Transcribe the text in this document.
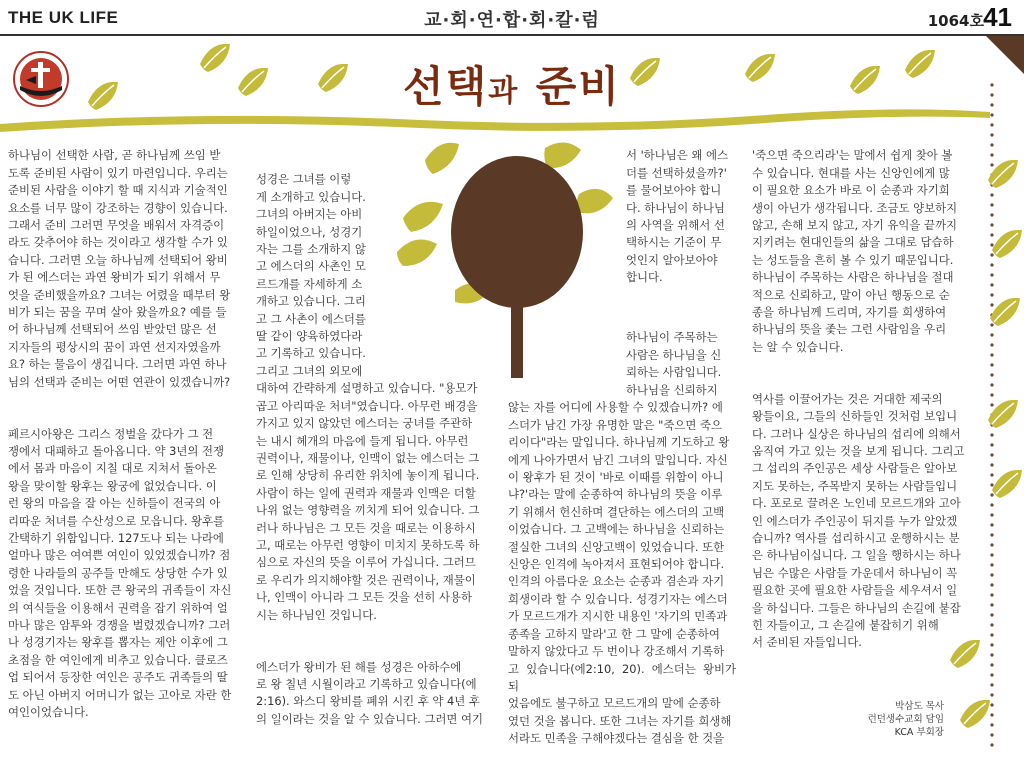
THE UK LIFE	교·회·연·합·회·칼·럼	1064호 41
선택과 준비

하나님이 선택한 사람, 곧 하나님께 쓰임 받
도록 준비된 사람이 있기 마련입니다. 우리는
준비된 사람을 이야기 할 때 지식과 기술적인
요소를 너무 많이 강조하는 경향이 있습니다.
그래서 준비 그러면 무엇을 배워서 자격증이
라도 갖추어야 하는 것이라고 생각할 수가 있
습니다. 그러면 오늘 하나님께 선택되어 왕비
가 된 에스더는 과연 왕비가 되기 위해서 무
엇을 준비했을까요? 그녀는 어렸을 때부터 왕
비가 되는 꿈을 꾸며 살아 왔을까요? 예를 들
어 하나님께 선택되어 쓰임 받았던 많은 선
지자들의 평상시의 꿈이 과연 선지자였을까
요? 하는 물음이 생깁니다. 그러면 과연 하나
님의 선택과 준비는 어떤 연관이 있겠습니까?

페르시아왕은 그리스 정벌을 갔다가 그 전
쟁에서 대패하고 돌아옵니다. 약 3년의 전쟁
에서 몸과 마음이 지칠 대로 지쳐서 돌아온
왕을 맞이할 왕후는 왕궁에 없었습니다. 이
런 왕의 마음을 잘 아는 신하들이 전국의 아
리따운 처녀를 수산성으로 모읍니다. 왕후를
간택하기 위함입니다. 127도나 되는 나라에
얼마나 많은 여여쁜 여인이 있었겠습니까? 점
령한 나라들의 공주들 만해도 상당한 수가 있
었을 것입니다. 또한 큰 왕국의 귀족들이 자신
의 여식들을 이용해서 권력을 잡기 위하여 얼
마나 많은 암투와 경쟁을 벌렸겠습니까? 그러
나 성경기자는 왕후를 뽑자는 제안 이후에 그
초점을 한 여인에게 비추고 있습니다. 클로즈
업 되어서 등장한 여인은 공주도 귀족들의 딸
도 아닌 아버지 어머니가 없는 고아로 자란 한
여인이었습니다.

성경은 그녀를 이렇
게 소개하고 있습니다.
그녀의 아버지는 아비
하일이었으나, 성경기
자는 그를 소개하지 않
고 에스더의 사촌인 모
르드개를 자세하게 소
개하고 있습니다. 그리
고 그 사촌이 에스더를
딸 같이 양육하였다라
고 기록하고 있습니다.
그리고 그녀의 외모에

대하여 간략하게 설명하고 있습니다. "용모가
곱고 아리따운 처녀"였습니다. 아무런 배경을
가지고 있지 않았던 에스더는 궁녀를 주관하
는 내시 헤개의 마음에 들게 됩니다. 아무런
권력이나, 재물이나, 인맥이 없는 에스더는 그
로 인해 상당히 유리한 위치에 놓이게 됩니다.
사람이 하는 일에 권력과 재물과 인맥은 더할
나위 없는 영향력을 끼치게 되어 있습니다. 그
러나 하나님은 그 모든 것을 때로는 이용하시
고, 때로는 아무런 영향이 미치지 못하도록 하
심으로 자신의 뜻을 이루어 가십니다. 그러므
로 우리가 의지해야할 것은 권력이나, 재물이
나, 인맥이 아니라 그 모든 것을 선히 사용하
시는 하나님인 것입니다.

에스더가 왕비가 된 해를 성경은 아하수에
로 왕 칠년 시월이라고 기록하고 있습니다(에
2:16). 와스디 왕비를 폐위 시킨 후 약 4년 후
의 일이라는 것을 알 수 있습니다. 그러면 여기

서 '하나님은 왜 에스
더를 선택하셨을까?'
를 물어보아야 합니
다. 하나님이 하나님
의 사역을 위해서 선
택하시는 기준이 무
엇인지 알아보아야
합니다.

하나님이 주목하는
사람은 하나님을 신
뢰하는 사람입니다.
하나님을 신뢰하지

않는 자를 어디에 사용할 수 있겠습니까? 에
스더가 남긴 가장 유명한 말은 "죽으면 죽으
리이다"라는 말입니다. 하나님께 기도하고 왕
에게 나아가면서 남긴 그녀의 말입니다. 자신
이 왕후가 된 것이 '바로 이때를 위함이 아니
냐?'라는 말에 순종하여 하나님의 뜻을 이루
기 위해서 헌신하며 결단하는 에스더의 고백
이었습니다. 그 고백에는 하나님을 신뢰하는
절실한 그녀의 신앙고백이 있었습니다. 또한
신앙은 인격에 녹아져서 표현되어야 합니다.
인격의 아름다운 요소는 순종과 겸손과 자기
희생이라 할 수 있습니다. 성경기자는 에스더
가 모르드개가 지시한 내용인 '자기의 민족과
종족을 고하지 말라'고 한 그 말에 순종하여
말하지 않았다고 두 번이나 강조해서 기록하
고 있습니다(에2:10, 20). 에스더는 왕비가 되
었음에도 불구하고 모르드개의 말에 순종하
였던 것을 봅니다. 또한 그녀는 자기를 희생해
서라도 민족을 구해야겠다는 결심을 한 것을

'죽으면 죽으리라'는 말에서 쉽게 찾아 볼
수 있습니다. 현대를 사는 신앙인에게 많
이 필요한 요소가 바로 이 순종과 자기희
생이 아닌가 생각됩니다. 조금도 양보하지
않고, 손해 보지 않고, 자기 유익을 끝까지
지키려는 현대인들의 삶을 그대로 답습하
는 성도들을 흔히 볼 수 있기 때문입니다.
하나님이 주목하는 사람은 하나님을 절대
적으로 신뢰하고, 말이 아닌 행동으로 순
종을 하나님께 드리며, 자기를 희생하여
하나님의 뜻을 좇는 그런 사람임을 우리
는 알 수 있습니다.

역사를 이끌어가는 것은 거대한 제국의
왕들이요, 그들의 신하들인 것처럼 보입니
다. 그러나 실상은 하나님의 섭리에 의해서
움직여 가고 있는 것을 보게 됩니다. 그리고
그 섭리의 주인공은 세상 사람들은 알아보
지도 못하는, 주목받지 못하는 사람들입니
다. 포로로 끌려온 노인네 모르드개와 고아
인 에스더가 주인공이 뒤지를 누가 알았겠
습니까? 역사를 섭리하시고 운행하시는 분
은 하나님이십니다. 그 일을 행하시는 하나
님은 수많은 사람들 가운데서 하나님이 꼭
필요한 곳에 필요한 사람들을 세우셔서 일
을 하십니다. 그들은 하나님의 손길에 붙잡
힌 자들이고, 그 손길에 붙잡히기 위해
서 준비된 자들입니다.

박삼도 목사
런던생수교회 담임
KCA 부회장
